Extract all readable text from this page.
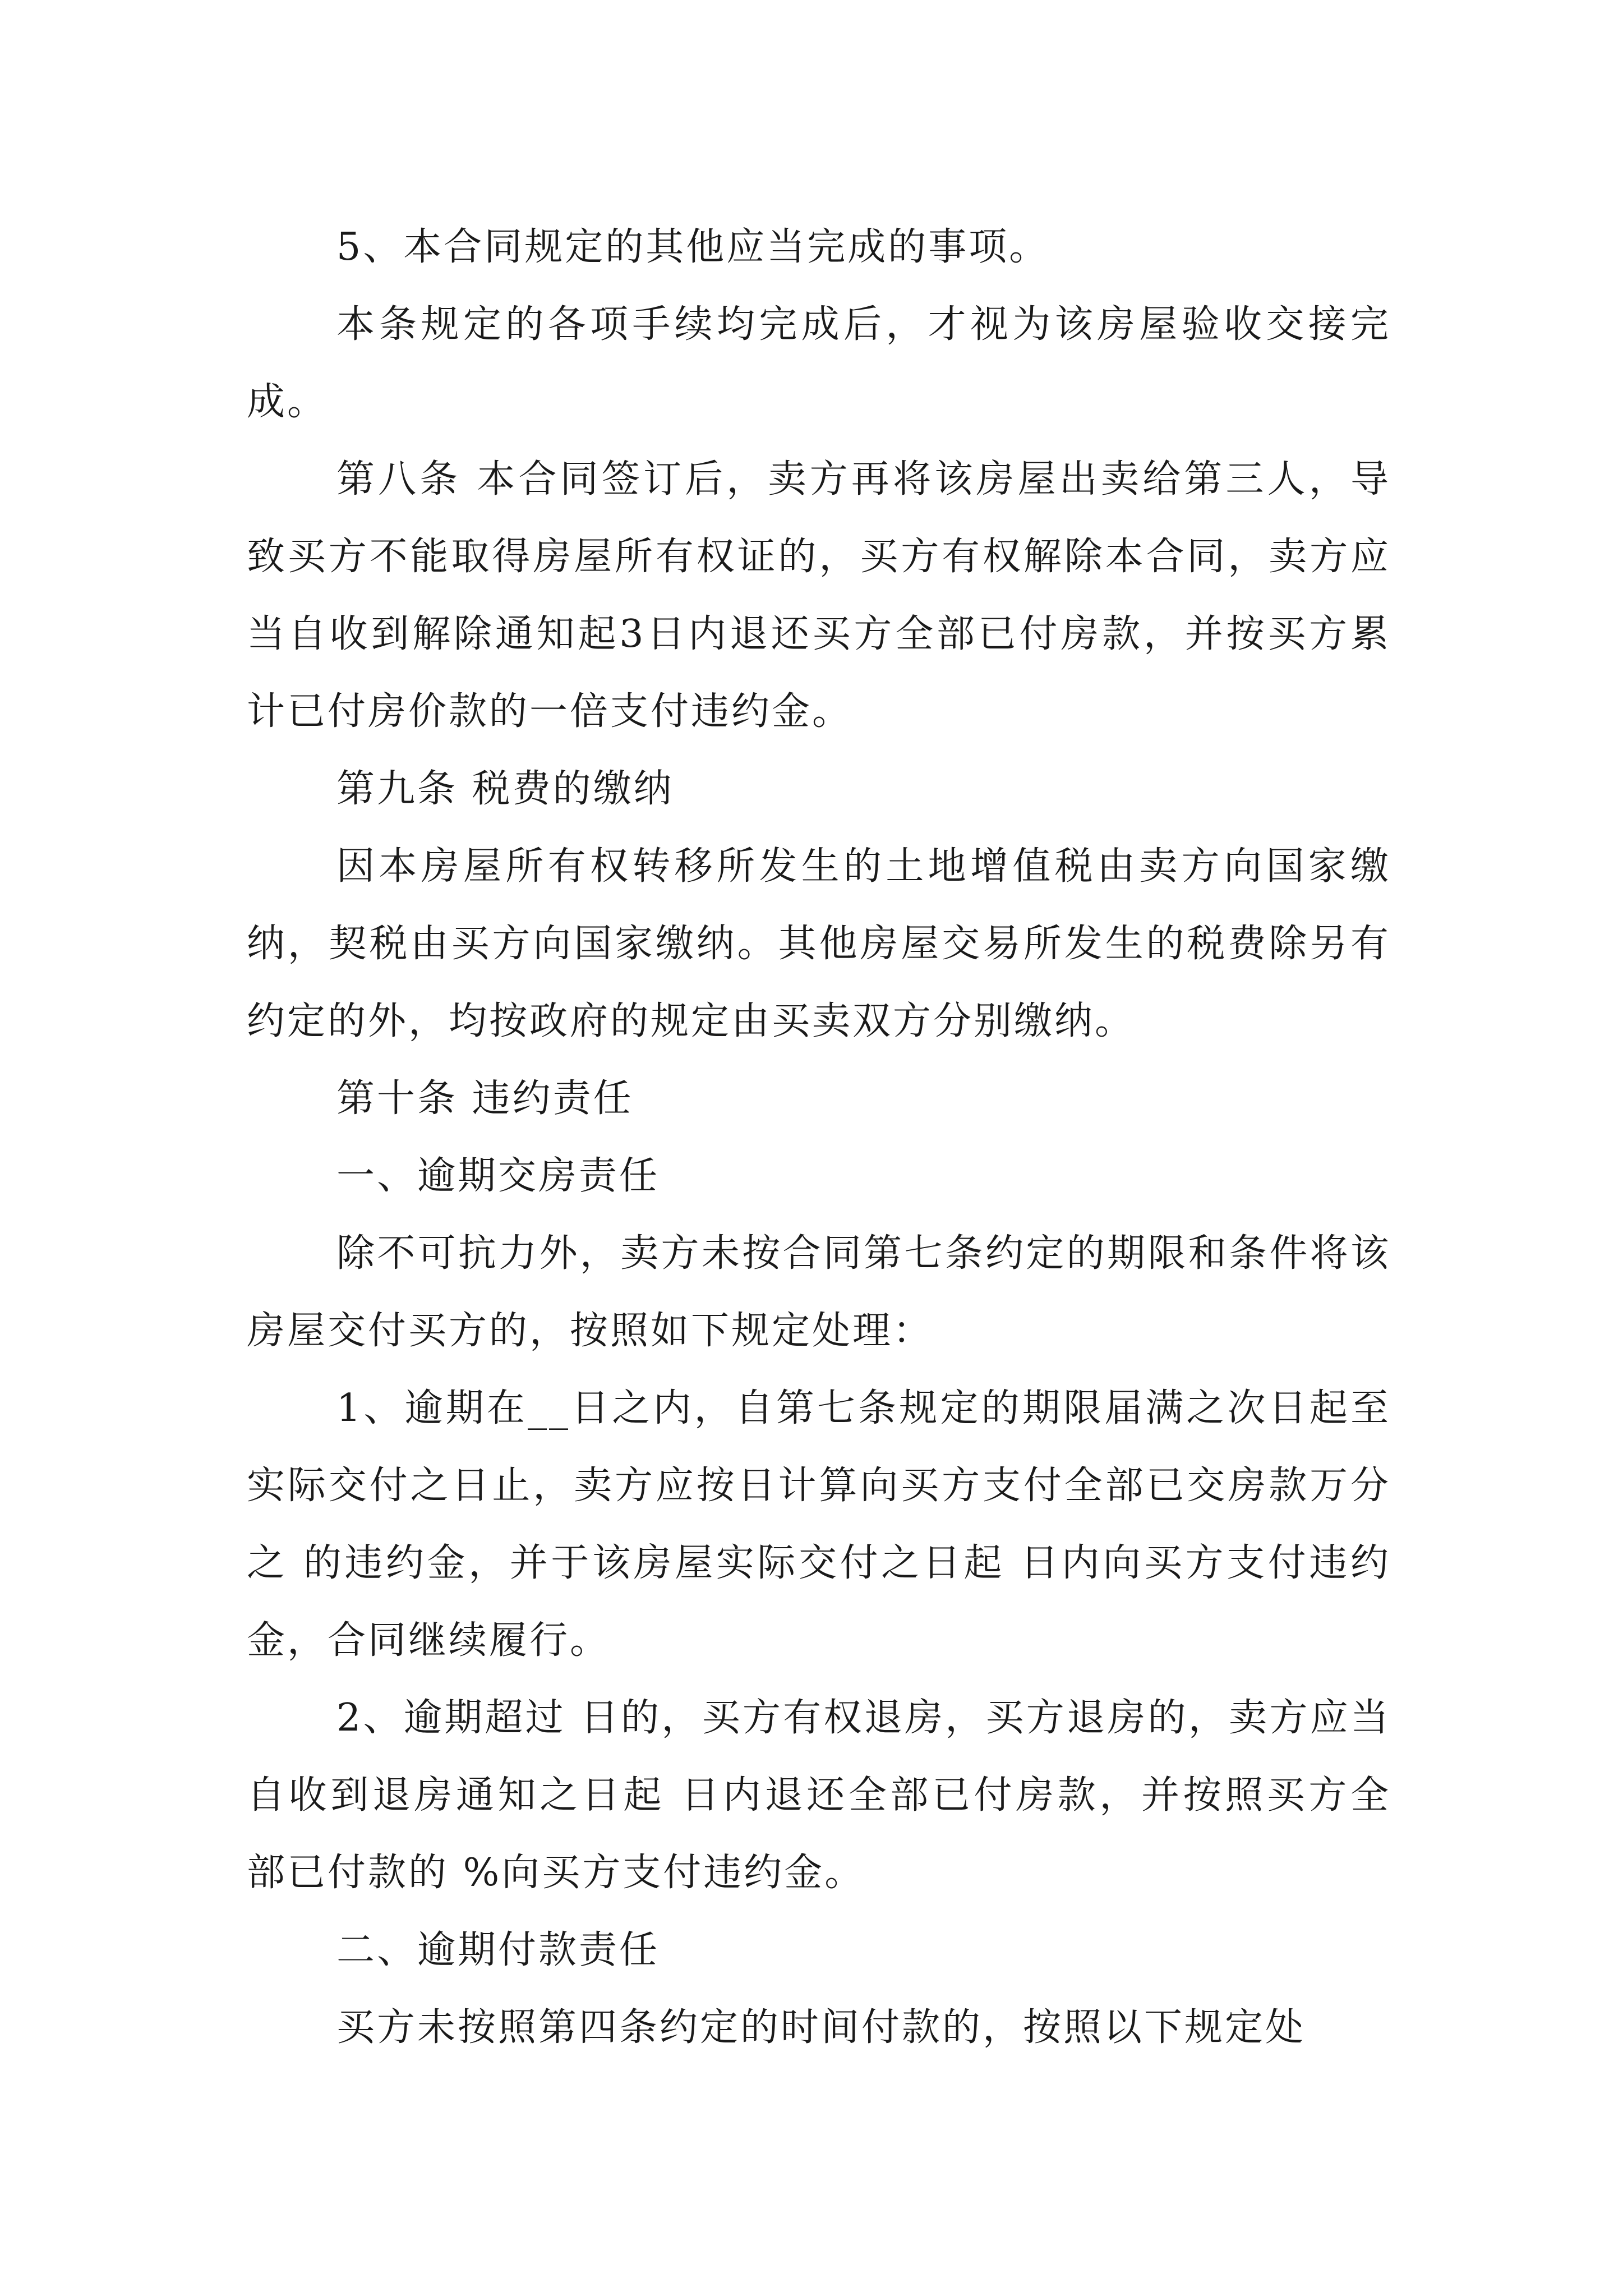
5、本合同规定的其他应当完成的事项。

本条规定的各项手续均完成后，才视为该房屋验收交接完成。

第八条 本合同签订后，卖方再将该房屋出卖给第三人，导致买方不能取得房屋所有权证的，买方有权解除本合同，卖方应当自收到解除通知起3日内退还买方全部已付房款，并按买方累计已付房价款的一倍支付违约金。

第九条 税费的缴纳

因本房屋所有权转移所发生的土地增值税由卖方向国家缴纳，契税由买方向国家缴纳。其他房屋交易所发生的税费除另有约定的外，均按政府的规定由买卖双方分别缴纳。

第十条 违约责任

一、逾期交房责任

除不可抗力外，卖方未按合同第七条约定的期限和条件将该房屋交付买方的，按照如下规定处理：

1、逾期在__日之内，自第七条规定的期限届满之次日起至实际交付之日止，卖方应按日计算向买方支付全部已交房款万分之 的违约金，并于该房屋实际交付之日起 日内向买方支付违约金，合同继续履行。

2、逾期超过 日的，买方有权退房，买方退房的，卖方应当自收到退房通知之日起 日内退还全部已付房款，并按照买方全部已付款的 %向买方支付违约金。

二、逾期付款责任

买方未按照第四条约定的时间付款的，按照以下规定处
